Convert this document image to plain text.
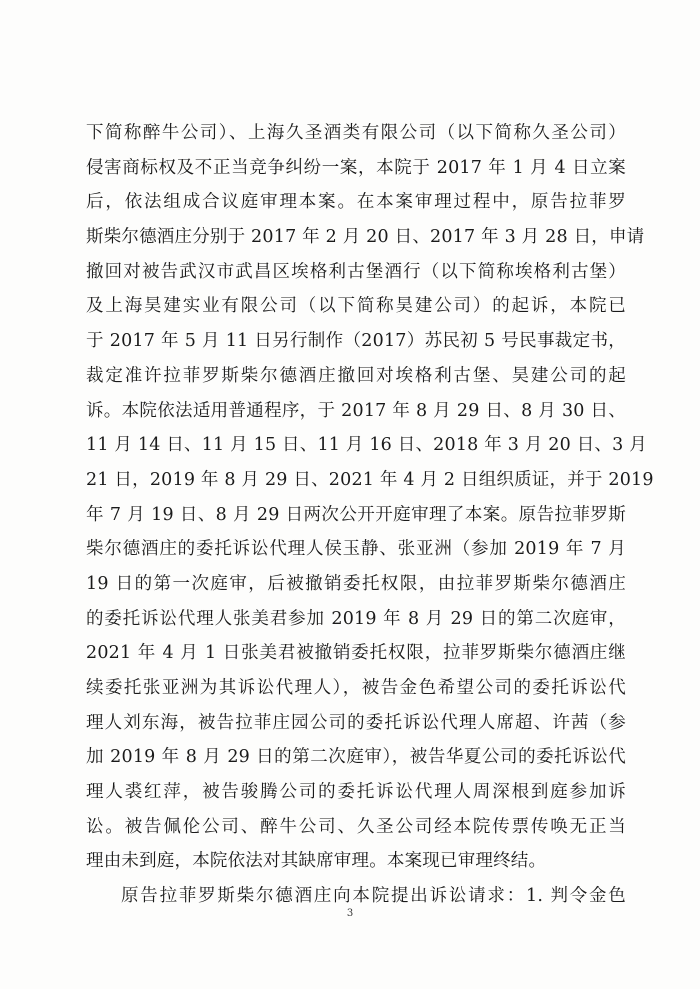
下简称醉牛公司）、上海久圣酒类有限公司（以下简称久圣公司）
侵害商标权及不正当竞争纠纷一案，本院于 2017 年 1 月 4 日立案
后，依法组成合议庭审理本案。在本案审理过程中，原告拉菲罗
斯柴尔德酒庄分别于 2017 年 2 月 20 日、2017 年 3 月 28 日，申请
撤回对被告武汉市武昌区埃格利古堡酒行（以下简称埃格利古堡）
及上海昊建实业有限公司（以下简称昊建公司）的起诉，本院已
于 2017 年 5 月 11 日另行制作（2017）苏民初 5 号民事裁定书，
裁定准许拉菲罗斯柴尔德酒庄撤回对埃格利古堡、昊建公司的起
诉。本院依法适用普通程序，于 2017 年 8 月 29 日、8 月 30 日、
11 月 14 日、11 月 15 日、11 月 16 日、2018 年 3 月 20 日、3 月
21 日，2019 年 8 月 29 日、2021 年 4 月 2 日组织质证，并于 2019
年 7 月 19 日、8 月 29 日两次公开开庭审理了本案。原告拉菲罗斯
柴尔德酒庄的委托诉讼代理人侯玉静、张亚洲（参加 2019 年 7 月
19 日的第一次庭审，后被撤销委托权限，由拉菲罗斯柴尔德酒庄
的委托诉讼代理人张美君参加 2019 年 8 月 29 日的第二次庭审，
2021 年 4 月 1 日张美君被撤销委托权限，拉菲罗斯柴尔德酒庄继
续委托张亚洲为其诉讼代理人），被告金色希望公司的委托诉讼代
理人刘东海，被告拉菲庄园公司的委托诉讼代理人席超、许茜（参
加 2019 年 8 月 29 日的第二次庭审），被告华夏公司的委托诉讼代
理人裘红萍，被告骏腾公司的委托诉讼代理人周深根到庭参加诉
讼。被告佩伦公司、醉牛公司、久圣公司经本院传票传唤无正当
理由未到庭，本院依法对其缺席审理。本案现已审理终结。
原告拉菲罗斯柴尔德酒庄向本院提出诉讼请求：1. 判令金色
3
